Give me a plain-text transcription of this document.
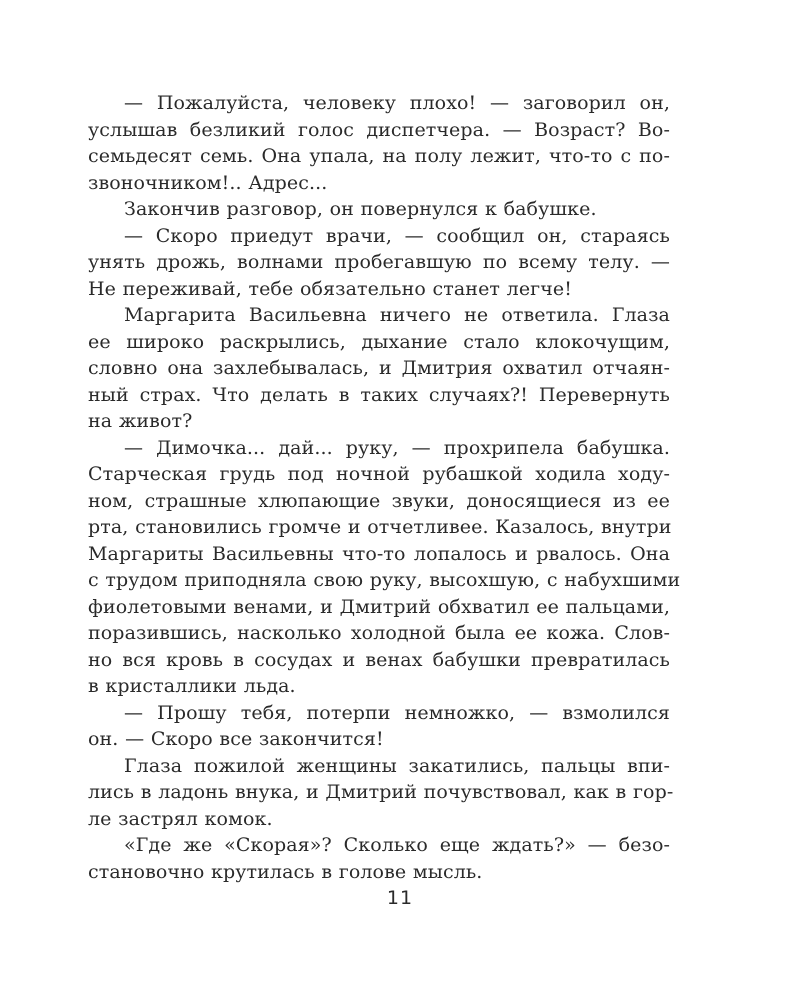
— Пожалуйста, человеку плохо! — заговорил он,
услышав безликий голос диспетчера. — Возраст? Во-
семьдесят семь. Она упала, на полу лежит, что-то с по-
звоночником!.. Адрес...
Закончив разговор, он повернулся к бабушке.
— Скоро приедут врачи, — сообщил он, стараясь
унять дрожь, волнами пробегавшую по всему телу. —
Не переживай, тебе обязательно станет легче!
Маргарита Васильевна ничего не ответила. Глаза
ее широко раскрылись, дыхание стало клокочущим,
словно она захлебывалась, и Дмитрия охватил отчаян-
ный страх. Что делать в таких случаях?! Перевернуть
на живот?
— Димочка... дай... руку, — прохрипела бабушка.
Старческая грудь под ночной рубашкой ходила ходу-
ном, страшные хлюпающие звуки, доносящиеся из ее
рта, становились громче и отчетливее. Казалось, внутри
Маргариты Васильевны что-то лопалось и рвалось. Она
с трудом приподняла свою руку, высохшую, с набухшими
фиолетовыми венами, и Дмитрий обхватил ее пальцами,
поразившись, насколько холодной была ее кожа. Слов-
но вся кровь в сосудах и венах бабушки превратилась
в кристаллики льда.
— Прошу тебя, потерпи немножко, — взмолился
он. — Скоро все закончится!
Глаза пожилой женщины закатились, пальцы впи-
лись в ладонь внука, и Дмитрий почувствовал, как в гор-
ле застрял комок.
«Где же «Скорая»? Сколько еще ждать?» — безо-
становочно крутилась в голове мысль.
11
